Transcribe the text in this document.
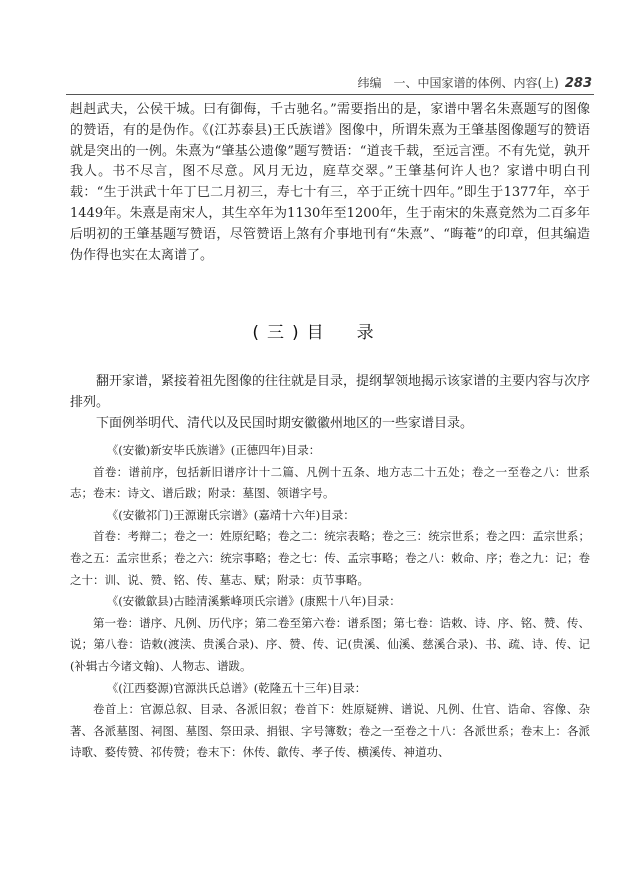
纬编　一、中国家谱的体例、内容(上) 283

赳赳武夫，公侯干城。曰有御侮，千古驰名。”需要指出的是，家谱中署名朱熹题写的图像的赞语，有的是伪作。《(江苏泰县)王氏族谱》图像中，所谓朱熹为王肇基图像题写的赞语就是突出的一例。朱熹为“肇基公遗像”题写赞语：“道丧千载，至远言湮。不有先觉，孰开我人。书不尽言，图不尽意。风月无边，庭草交翠。”王肇基何许人也？家谱中明白刊载：“生于洪武十年丁巳二月初三，寿七十有三，卒于正统十四年。”即生于1377年，卒于1449年。朱熹是南宋人，其生卒年为1130年至1200年，生于南宋的朱熹竟然为二百多年后明初的王肇基题写赞语，尽管赞语上煞有介事地刊有“朱熹”、“晦菴”的印章，但其编造伪作得也实在太离谱了。

(三)目　录

翻开家谱，紧接着祖先图像的往往就是目录，提纲挈领地揭示该家谱的主要内容与次序排列。

下面例举明代、清代以及民国时期安徽徽州地区的一些家谱目录。

《(安徽)新安毕氏族谱》(正德四年)目录：

首卷：谱前序，包括新旧谱序计十二篇、凡例十五条、地方志二十五处；卷之一至卷之八：世系志；卷末：诗文、谱后跋；附录：墓图、领谱字号。

《(安徽祁门)王源谢氏宗谱》(嘉靖十六年)目录：

首卷：考辩二；卷之一：姓原纪略；卷之二：统宗表略；卷之三：统宗世系；卷之四：孟宗世系；卷之五：孟宗世系；卷之六：统宗事略；卷之七：传、孟宗事略；卷之八：敕命、序；卷之九：记；卷之十：训、说、赞、铭、传、墓志、赋；附录：贞节事略。

《(安徽歙县)古睦清溪紫峰项氏宗谱》(康熙十八年)目录：

第一卷：谱序、凡例、历代序；第二卷至第六卷：谱系图；第七卷：诰敕、诗、序、铭、赞、传、说；第八卷：诰敕(渡渎、贵溪合录)、序、赞、传、记(贵溪、仙溪、慈溪合录)、书、疏、诗、传、记(补辑古今诸文翰)、人物志、谱跋。

《(江西婺源)官源洪氏总谱》(乾隆五十三年)目录：

卷首上：官源总叙、目录、各派旧叙；卷首下：姓原疑辨、谱说、凡例、仕官、诰命、容像、杂著、各派墓图、祠图、墓图、祭田录、捐银、字号簿数；卷之一至卷之十八：各派世系；卷末上：各派诗歌、婺传赞、祁传赞；卷末下：休传、歙传、孝子传、横溪传、神道功、
